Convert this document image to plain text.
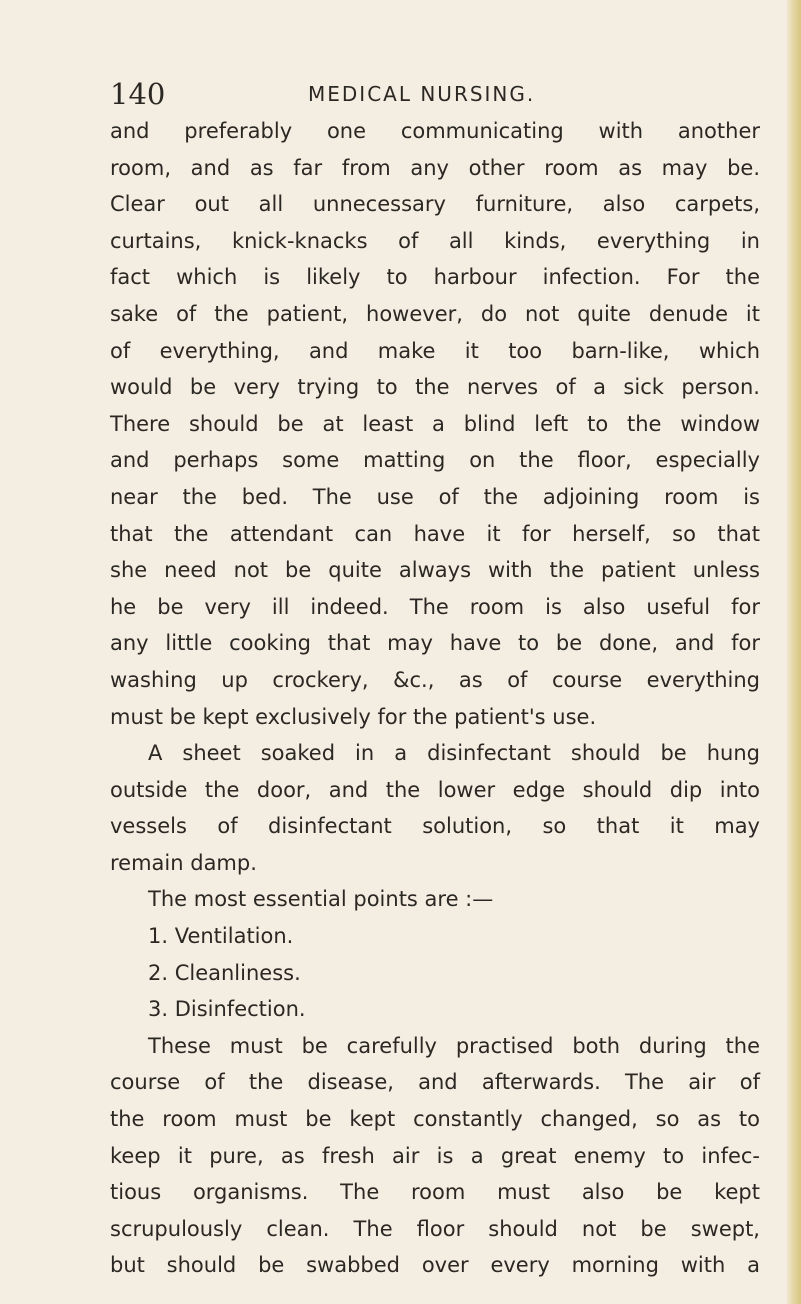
140	MEDICAL NURSING.
and preferably one communicating with another
room, and as far from any other room as may be.
Clear out all unnecessary furniture, also carpets,
curtains, knick-knacks of all kinds, everything in
fact which is likely to harbour infection. For the
sake of the patient, however, do not quite denude it
of everything, and make it too barn-like, which
would be very trying to the nerves of a sick person.
There should be at least a blind left to the window
and perhaps some matting on the floor, especially
near the bed. The use of the adjoining room is
that the attendant can have it for herself, so that
she need not be quite always with the patient unless
he be very ill indeed. The room is also useful for
any little cooking that may have to be done, and for
washing up crockery, &c., as of course everything
must be kept exclusively for the patient's use.
A sheet soaked in a disinfectant should be hung
outside the door, and the lower edge should dip into
vessels of disinfectant solution, so that it may
remain damp.
The most essential points are :—
1. Ventilation.
2. Cleanliness.
3. Disinfection.
These must be carefully practised both during the
course of the disease, and afterwards. The air of
the room must be kept constantly changed, so as to
keep it pure, as fresh air is a great enemy to infec-
tious organisms. The room must also be kept
scrupulously clean. The floor should not be swept,
but should be swabbed over every morning with a
